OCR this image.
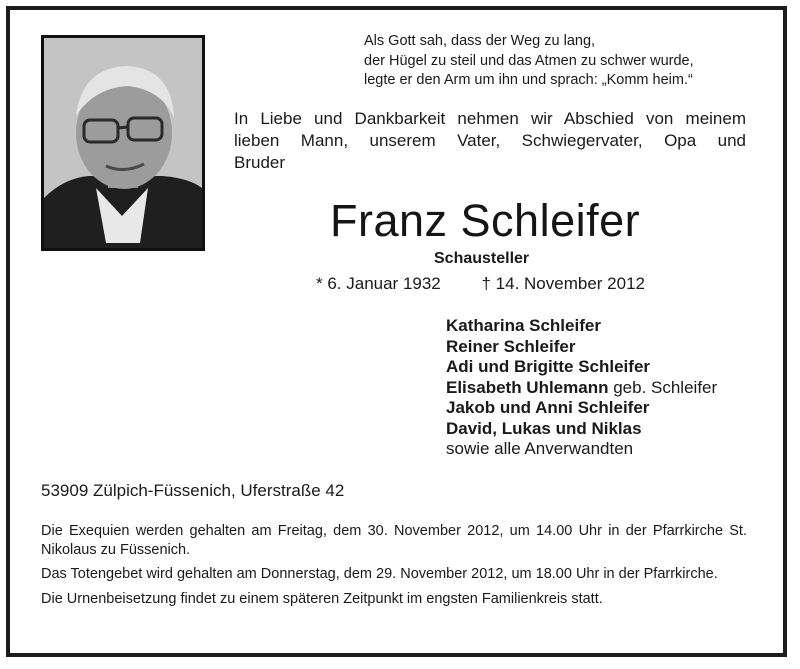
Als Gott sah, dass der Weg zu lang,
der Hügel zu steil und das Atmen zu schwer wurde,
legte er den Arm um ihn und sprach: „Komm heim.“
In Liebe und Dankbarkeit nehmen wir Abschied von meinem
lieben Mann, unserem Vater, Schwiegervater, Opa und
Bruder
Franz Schleifer
Schausteller
* 6. Januar 1932 † 14. November 2012
Katharina Schleifer
Reiner Schleifer
Adi und Brigitte Schleifer
Elisabeth Uhlemann geb. Schleifer
Jakob und Anni Schleifer
David, Lukas und Niklas
sowie alle Anverwandten
53909 Zülpich-Füssenich, Uferstraße 42

Die Exequien werden gehalten am Freitag, dem 30. November 2012, um 14.00 Uhr in der Pfarrkirche St. Nikolaus zu Füssenich.

Das Totengebet wird gehalten am Donnerstag, dem 29. November 2012, um 18.00 Uhr in der Pfarrkirche.

Die Urnenbeisetzung findet zu einem späteren Zeitpunkt im engsten Familienkreis statt.
